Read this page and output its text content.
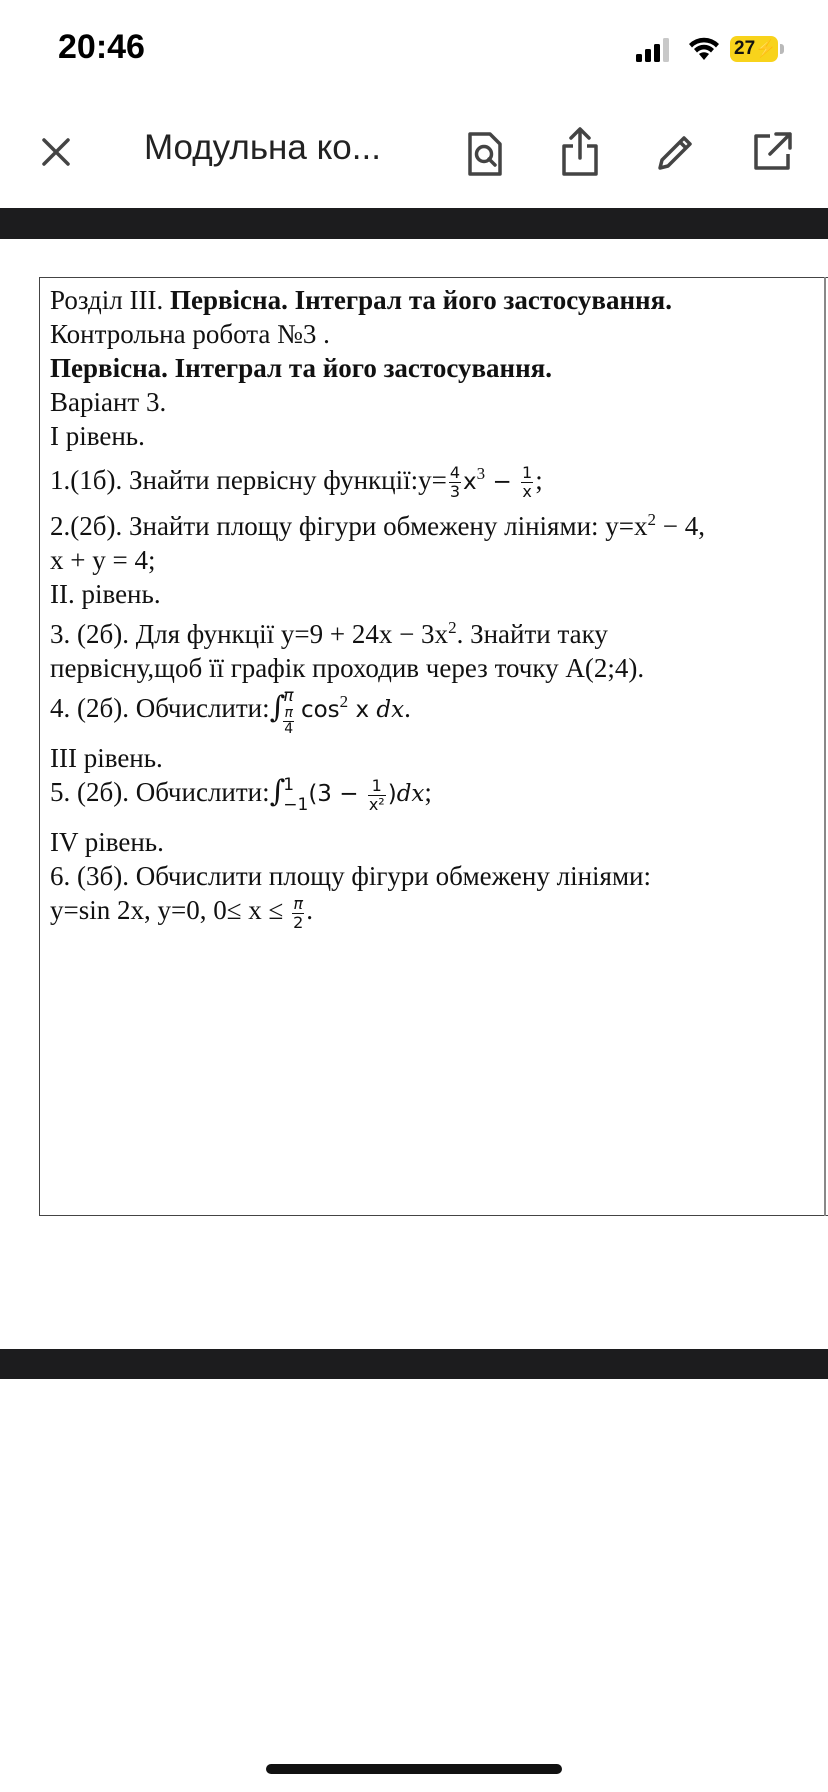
20:46	27⚡
Модульна ко...
Розділ ІІІ. Первісна. Інтеграл та його застосування.
Контрольна робота №3 .
Первісна. Інтеграл та його застосування.
Варіант 3.
І рівень.
1.(1б). Знайти первісну функції:y= $\frac{4}{3} x^3 - \frac{1}{x}$ ;
2.(2б). Знайти площу фігури обмежену лініями: $y=x^2 - 4$,
x + y = 4;
ІІ. рівень.
3. (2б). Для функції $y=9 + 24x - 3x^2$. Знайти таку
первісну,щоб її графік проходив через точку А(2;4).
4. (2б). Обчислити:∫
π
π
4
$\cos^2 x$ dx.
ІІІ рівень.
5. (2б). Обчислити:∫
1
−1 $(3 - \frac{1}{\text{x²}} )dx$;
IV рівень.
6. (3б). Обчислити площу фігури обмежену лініями:
y=sin 2x, y=0, $0\le x \le \frac{\pi}{2}$ .
